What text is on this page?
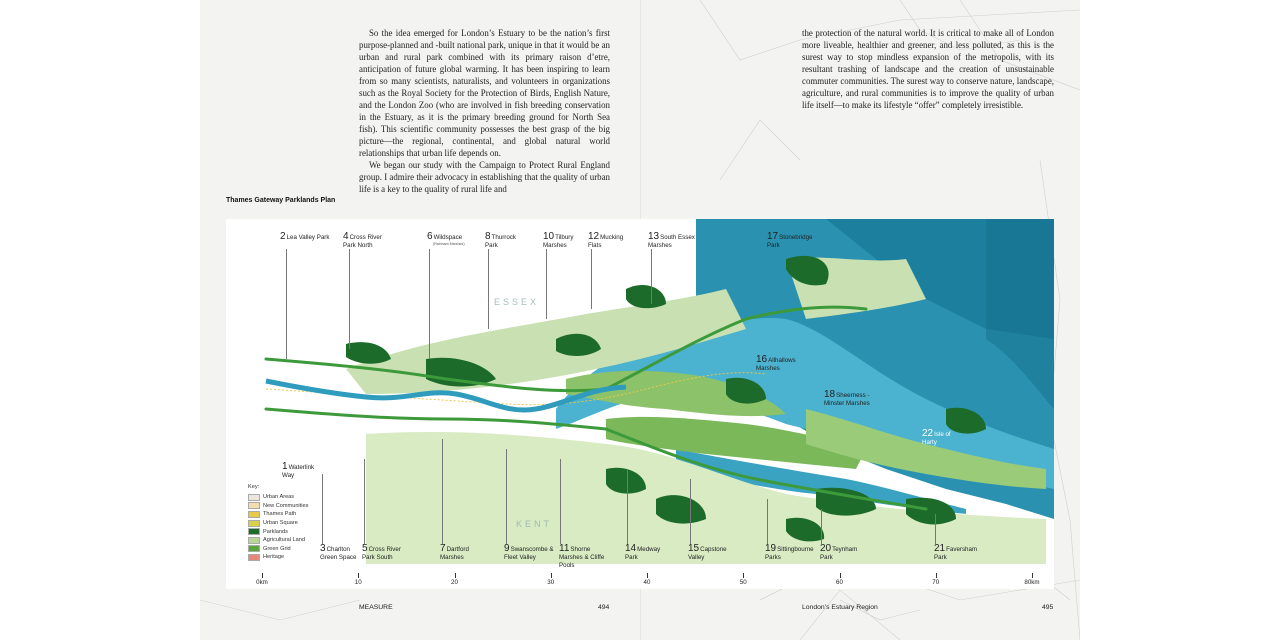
So the idea emerged for London’s Estuary to be the nation’s first purpose-planned and -built national park, unique in that it would be an urban and rural park combined with its primary raison d’etre, anticipation of future global warming. It has been inspiring to learn from so many scientists, naturalists, and volunteers in organizations such as the Royal Society for the Protection of Birds, English Nature, and the London Zoo (who are involved in fish breeding conservation in the Estuary, as it is the primary breeding ground for North Sea fish). This scientific community possesses the best grasp of the big picture—the regional, continental, and global natural world relationships that urban life depends on.

We began our study with the Campaign to Protect Rural England group. I admire their advocacy in establishing that the quality of urban life is a key to the quality of rural life and

the protection of the natural world. It is critical to make all of London more liveable, healthier and greener, and less polluted, as this is the surest way to stop mindless expansion of the metropolis, with its resultant trashing of landscape and the creation of unsustainable commuter communities. The surest way to conserve nature, landscape, agriculture, and rural communities is to improve the quality of urban life itself—to make its lifestyle “offer” completely irresistible.

Thames Gateway Parklands Plan
ESSEX
KENT
2Lea Valley Park 4Cross River Park North
6Wildspace
(Rainham Marshes)
8Thurrock Park
10Tilbury Marshes
12Mucking Flats
13South Essex Marshes
17Stonebridge Park
1Waterlink Way
16Allhallows Marshes
18Sheerness - Minster Marshes
22Isle of Harty
3Charlton Green Space
5Cross River Park South
7Dartford Marshes
9Swanscombe & Fleet Valley
11Shorne Marshes & Cliffe Pools
14Medway Park
15Capstone Valley
19Sittingbourne Parks
20Teynham Park
21Faversham Park
Key:
Urban Areas
New Communities
Thames Path
Urban Square
Parklands
Agricultural Land
Green Grid
Heritage
0km	10	20	30	40	50	60	70	80km
MEASURE	494	London’s Estuary Region	495
